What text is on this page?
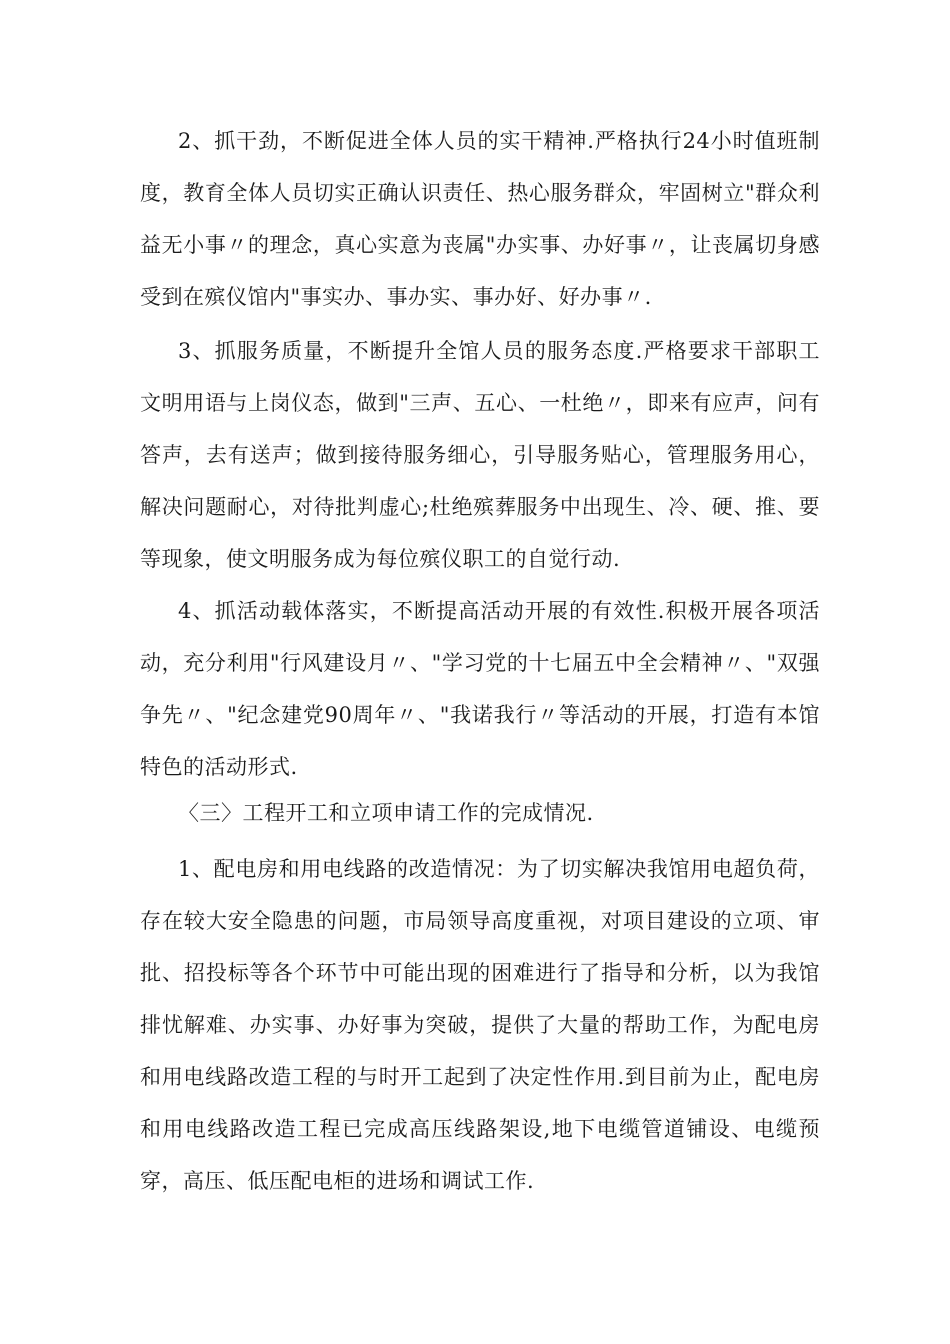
2、抓干劲，不断促进全体人员的实干精神.严格执行24小时值班制
度，教育全体人员切实正确认识责任、热心服务群众，牢固树立"群众利
益无小事〃的理念，真心实意为丧属"办实事、办好事〃，让丧属切身感
受到在殡仪馆内"事实办、事办实、事办好、好办事〃.
3、抓服务质量，不断提升全馆人员的服务态度.严格要求干部职工
文明用语与上岗仪态，做到"三声、五心、一杜绝〃，即来有应声，问有
答声，去有送声；做到接待服务细心，引导服务贴心，管理服务用心，
解决问题耐心，对待批判虚心;杜绝殡葬服务中出现生、冷、硬、推、要
等现象，使文明服务成为每位殡仪职工的自觉行动.
4、抓活动载体落实，不断提高活动开展的有效性.积极开展各项活
动，充分利用"行风建设月〃、"学习党的十七届五中全会精神〃、"双强
争先〃、"纪念建党90周年〃、"我诺我行〃等活动的开展，打造有本馆
特色的活动形式.
〈三〉工程开工和立项申请工作的完成情况.
1、配电房和用电线路的改造情况：为了切实解决我馆用电超负荷，
存在较大安全隐患的问题，市局领导高度重视，对项目建设的立项、审
批、招投标等各个环节中可能出现的困难进行了指导和分析，以为我馆
排忧解难、办实事、办好事为突破，提供了大量的帮助工作，为配电房
和用电线路改造工程的与时开工起到了决定性作用.到目前为止，配电房
和用电线路改造工程已完成高压线路架设,地下电缆管道铺设、电缆预
穿，高压、低压配电柜的进场和调试工作.
